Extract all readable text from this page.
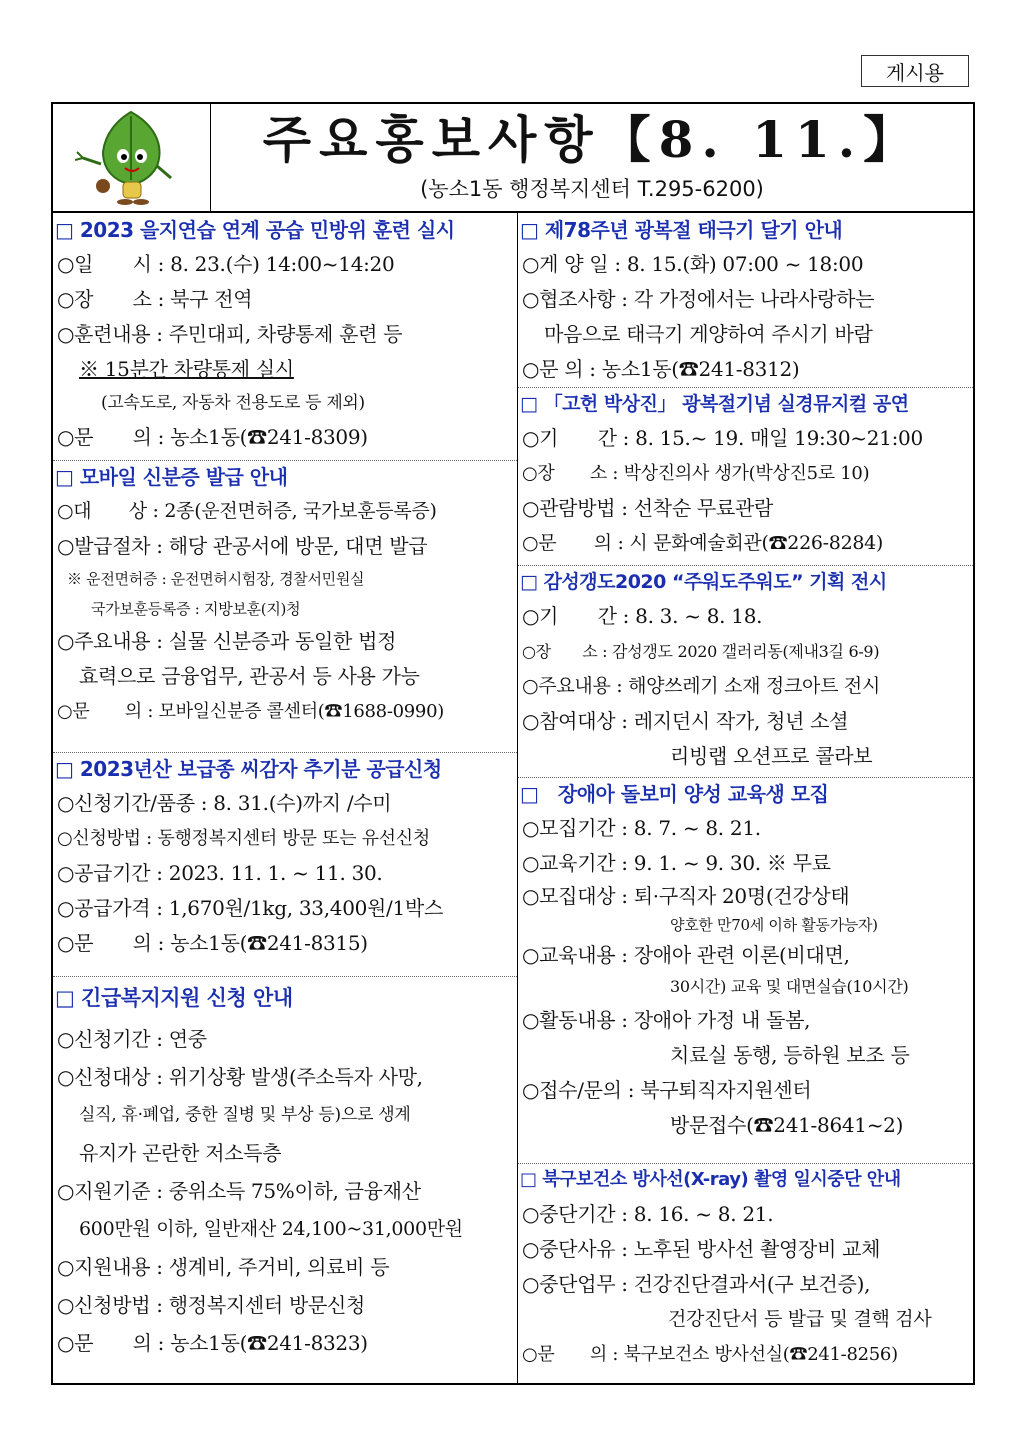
게시용
주요홍보사항【8. 11.】
(농소1동 행정복지센터 T.295-6200)
□ 2023 을지연습 연계 공습 민방위 훈련 실시
○일　　시 : 8. 23.(수) 14:00~14:20
○장　　소 : 북구 전역
○훈련내용 : 주민대피, 차량통제 훈련 등
※ 15분간 차량통제 실시
(고속도로, 자동차 전용도로 등 제외)
○문　　의 : 농소1동(☎241-8309)
□ 모바일 신분증 발급 안내
○대　　상 : 2종(운전면허증, 국가보훈등록증)
○발급절차 : 해당 관공서에 방문, 대면 발급
※ 운전면허증 : 운전면허시험장, 경찰서민원실
국가보훈등록증 : 지방보훈(지)청
○주요내용 : 실물 신분증과 동일한 법정
효력으로 금융업무, 관공서 등 사용 가능
○문　　의 : 모바일신분증 콜센터(☎1688-0990)
□ 2023년산 보급종 씨감자 추기분 공급신청
○신청기간/품종 : 8. 31.(수)까지 /수미
○신청방법 : 동행정복지센터 방문 또는 유선신청
○공급기간 : 2023. 11. 1. ~ 11. 30.
○공급가격 : 1,670원/1kg, 33,400원/1박스
○문　　의 : 농소1동(☎241-8315)
□ 긴급복지지원 신청 안내
○신청기간 : 연중
○신청대상 : 위기상황 발생(주소득자 사망,
실직, 휴·폐업, 중한 질병 및 부상 등)으로 생계
유지가 곤란한 저소득층
○지원기준 : 중위소득 75%이하, 금융재산
600만원 이하, 일반재산 24,100~31,000만원
○지원내용 : 생계비, 주거비, 의료비 등
○신청방법 : 행정복지센터 방문신청
○문　　의 : 농소1동(☎241-8323)
□ 제78주년 광복절 태극기 달기 안내
○게 양 일 : 8. 15.(화) 07:00 ~ 18:00
○협조사항 : 각 가정에서는 나라사랑하는
마음으로 태극기 게양하여 주시기 바람
○문 의 : 농소1동(☎241-8312)
□ 「고헌 박상진」 광복절기념 실경뮤지컬 공연
○기　　간 : 8. 15.~ 19. 매일 19:30~21:00
○장　　소 : 박상진의사 생가(박상진5로 10)
○관람방법 : 선착순 무료관람
○문　　의 : 시 문화예술회관(☎226-8284)
□ 감성갱도2020 “주워도주워도” 기획 전시
○기　　간 : 8. 3. ~ 8. 18.
○장　　소 : 감성갱도 2020 갤러리동(제내3길 6-9)
○주요내용 : 해양쓰레기 소재 정크아트 전시
○참여대상 : 레지던시 작가, 청년 소셜
리빙랩 오션프로 콜라보
□　장애아 돌보미 양성 교육생 모집
○모집기간 : 8. 7. ~ 8. 21.
○교육기간 : 9. 1. ~ 9. 30. ※ 무료
○모집대상 : 퇴·구직자 20명(건강상태
양호한 만70세 이하 활동가능자)
○교육내용 : 장애아 관련 이론(비대면,
30시간) 교육 및 대면실습(10시간)
○활동내용 : 장애아 가정 내 돌봄,
치료실 동행, 등하원 보조 등
○접수/문의 : 북구퇴직자지원센터
방문접수(☎241-8641~2)
□ 북구보건소 방사선(X-ray) 촬영 일시중단 안내
○중단기간 : 8. 16. ~ 8. 21.
○중단사유 : 노후된 방사선 촬영장비 교체
○중단업무 : 건강진단결과서(구 보건증),
건강진단서 등 발급 및 결핵 검사
○문　　의 : 북구보건소 방사선실(☎241-8256)
